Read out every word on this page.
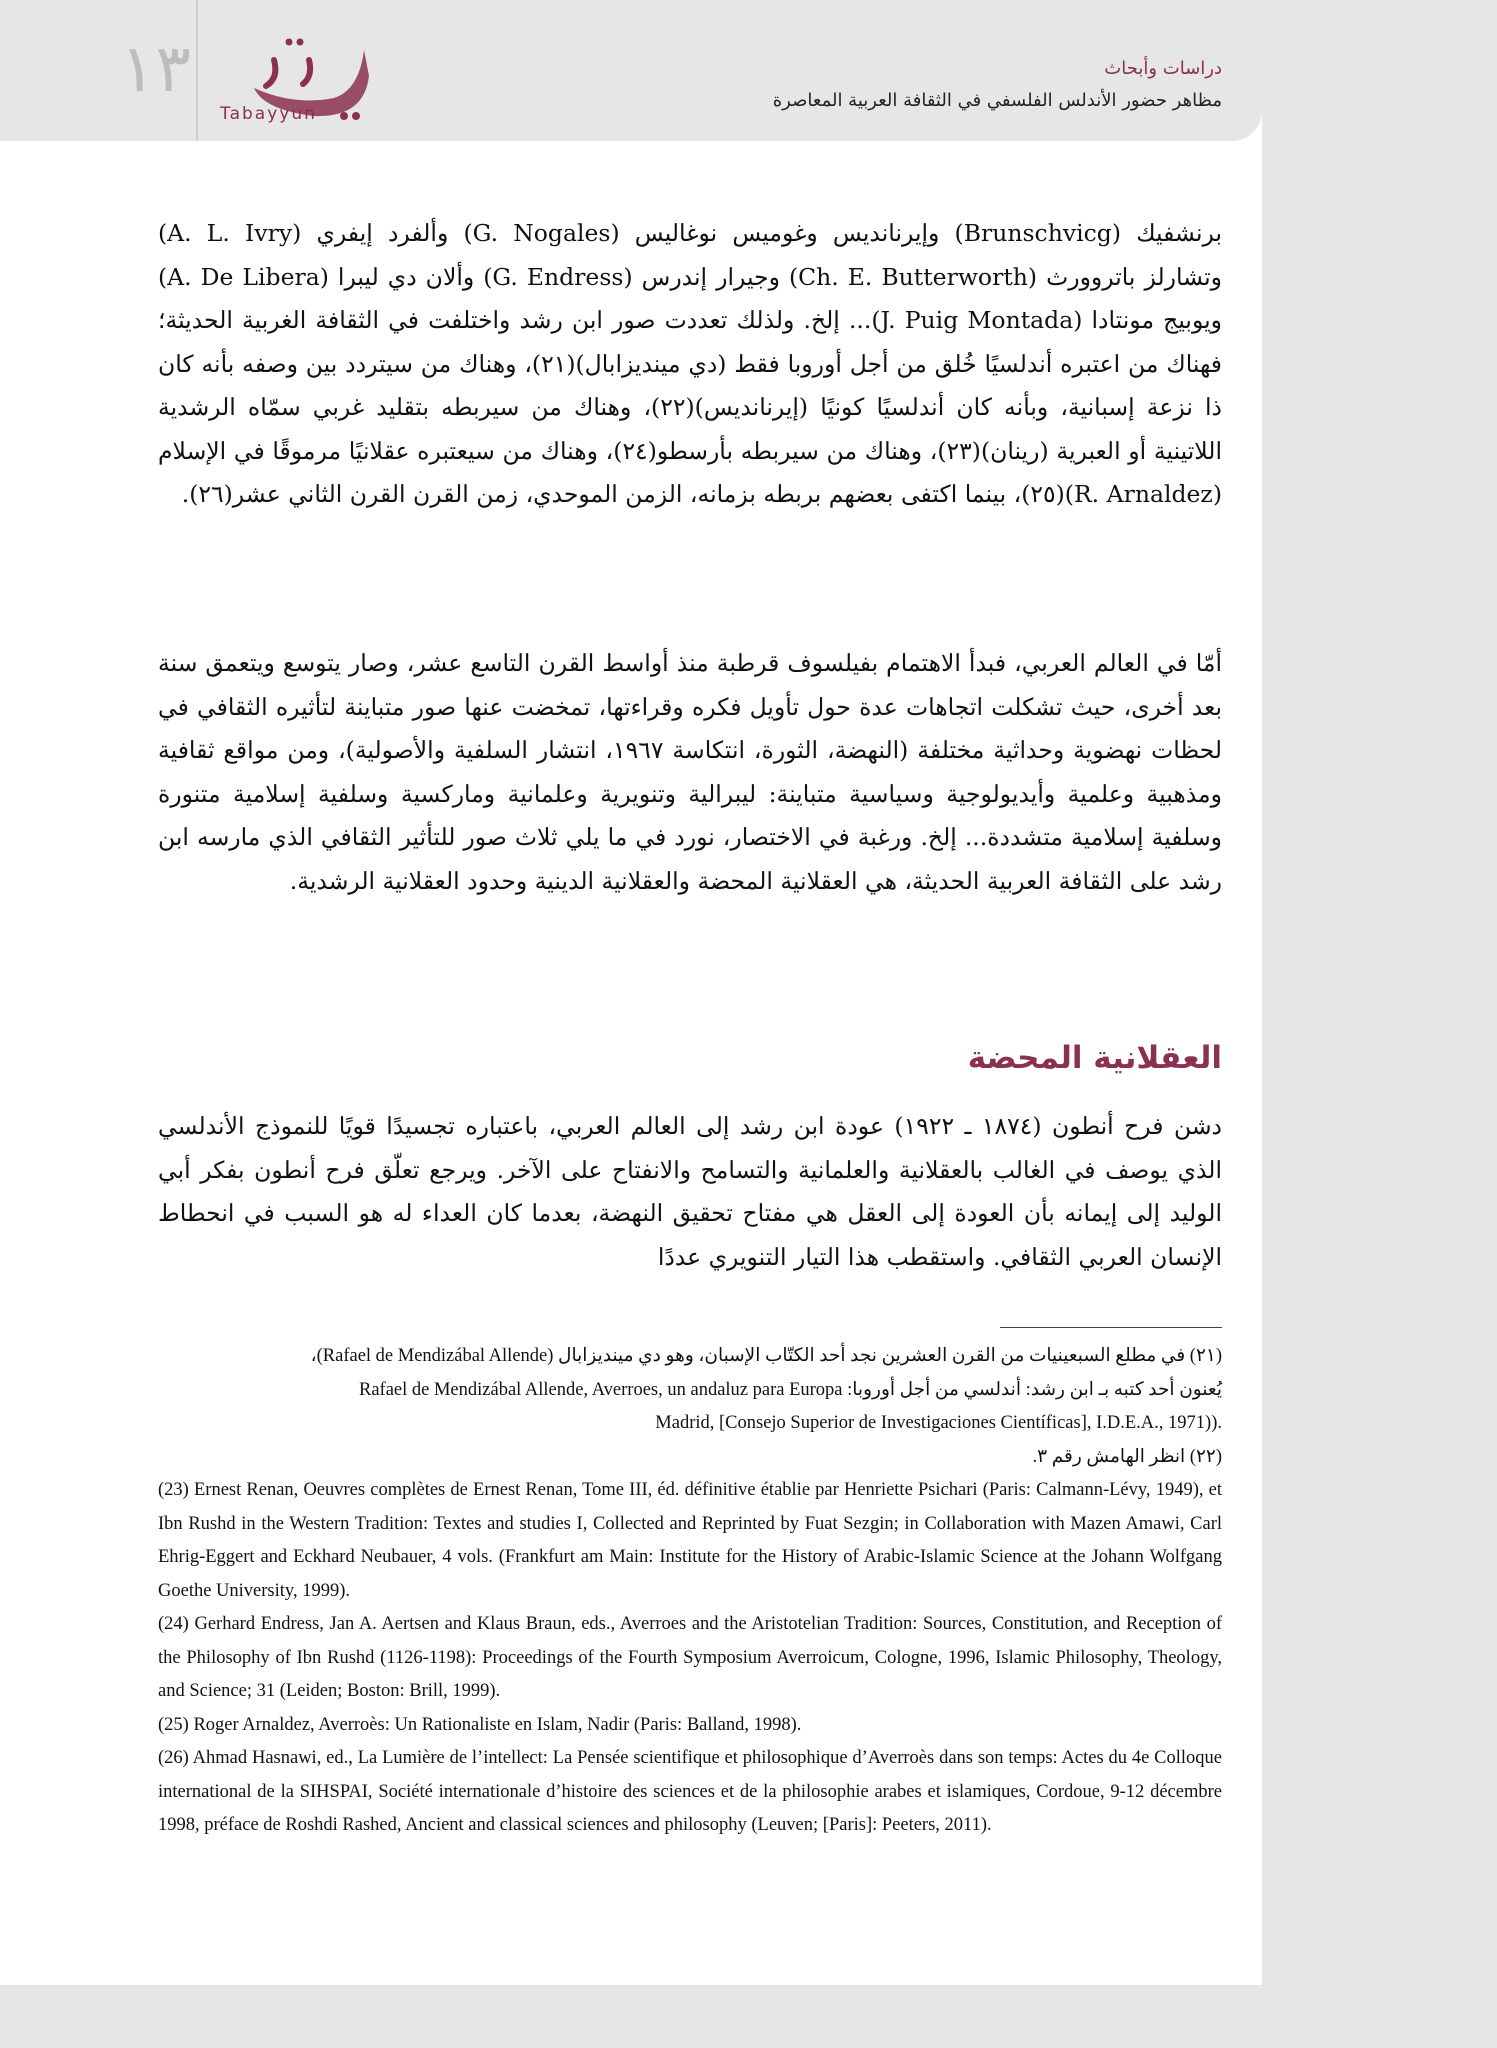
١٣
Tabayyun
دراسات وأبحاث
مظاهر حضور الأندلس الفلسفي في الثقافة العربية المعاصرة

برنشفيك (Brunschvicg) وإيرنانديس وغوميس نوغاليس (G. Nogales) وألفرد إيفري (A. L. Ivry) وتشارلز باتروورث (Ch. E. Butterworth) وجيرار إندرس (G. Endress) وألان دي ليبرا (A. De Libera) ويوبيج مونتادا (J. Puig Montada)... إلخ. ولذلك تعددت صور ابن رشد واختلفت في الثقافة الغربية الحديثة؛ فهناك من اعتبره أندلسيًا خُلق من أجل أوروبا فقط (دي ميندیزابال)(٢١)، وهناك من سيتردد بين وصفه بأنه كان ذا نزعة إسبانية، وبأنه كان أندلسيًا كونيًا (إيرنانديس)(٢٢)، وهناك من سيربطه بتقليد غربي سمّاه الرشدية اللاتينية أو العبرية (رينان)(٢٣)، وهناك من سيربطه بأرسطو(٢٤)، وهناك من سيعتبره عقلانيًا مرموقًا في الإسلام (R. Arnaldez)(٢٥)، بينما اكتفى بعضهم بربطه بزمانه، الزمن الموحدي، زمن القرن القرن الثاني عشر(٢٦).

أمّا في العالم العربي، فبدأ الاهتمام بفيلسوف قرطبة منذ أواسط القرن التاسع عشر، وصار يتوسع ويتعمق سنة بعد أخرى، حيث تشكلت اتجاهات عدة حول تأويل فكره وقراءتها، تمخضت عنها صور متباينة لتأثيره الثقافي في لحظات نهضوية وحداثية مختلفة (النهضة، الثورة، انتكاسة ١٩٦٧، انتشار السلفية والأصولية)، ومن مواقع ثقافية ومذهبية وعلمية وأيديولوجية وسياسية متباينة: ليبرالية وتنويرية وعلمانية وماركسية وسلفية إسلامية متنورة وسلفية إسلامية متشددة... إلخ. ورغبة في الاختصار، نورد في ما يلي ثلاث صور للتأثير الثقافي الذي مارسه ابن رشد على الثقافة العربية الحديثة، هي العقلانية المحضة والعقلانية الدينية وحدود العقلانية الرشدية.

العقلانية المحضة

دشن فرح أنطون (١٨٧٤ ـ ١٩٢٢) عودة ابن رشد إلى العالم العربي، باعتباره تجسيدًا قويًا للنموذج الأندلسي الذي يوصف في الغالب بالعقلانية والعلمانية والتسامح والانفتاح على الآخر. ويرجع تعلّق فرح أنطون بفكر أبي الوليد إلى إيمانه بأن العودة إلى العقل هي مفتاح تحقيق النهضة، بعدما كان العداء له هو السبب في انحطاط الإنسان العربي الثقافي. واستقطب هذا التيار التنويري عددًا

(٢١) في مطلع السبعينيات من القرن العشرين نجد أحد الكتّاب الإسبان، وهو دي ميندیزابال (Rafael de Mendizábal Allende)،
يُعنون أحد كتبه بـ ابن رشد: أندلسي من أجل أوروبا: Rafael de Mendizábal Allende, Averroes, un andaluz para Europa
Madrid, [Consejo Superior de Investigaciones Científicas], I.D.E.A., 1971)).
(٢٢) انظر الهامش رقم ٣.
(23) Ernest Renan, Oeuvres complètes de Ernest Renan, Tome III, éd. définitive établie par Henriette Psichari (Paris: Calmann-Lévy, 1949), et Ibn Rushd in the Western Tradition: Textes and studies I, Collected and Reprinted by Fuat Sezgin; in Collaboration with Mazen Amawi, Carl Ehrig-Eggert and Eckhard Neubauer, 4 vols. (Frankfurt am Main: Institute for the History of Arabic-Islamic Science at the Johann Wolfgang Goethe University, 1999).
(24) Gerhard Endress, Jan A. Aertsen and Klaus Braun, eds., Averroes and the Aristotelian Tradition: Sources, Constitution, and Reception of the Philosophy of Ibn Rushd (1126-1198): Proceedings of the Fourth Symposium Averroicum, Cologne, 1996, Islamic Philosophy, Theology, and Science; 31 (Leiden; Boston: Brill, 1999).
(25) Roger Arnaldez, Averroès: Un Rationaliste en Islam, Nadir (Paris: Balland, 1998).
(26) Ahmad Hasnawi, ed., La Lumière de l’intellect: La Pensée scientifique et philosophique d’Averroès dans son temps: Actes du 4e Colloque international de la SIHSPAI, Société internationale d’histoire des sciences et de la philosophie arabes et islamiques, Cordoue, 9-12 décembre 1998, préface de Roshdi Rashed, Ancient and classical sciences and philosophy (Leuven; [Paris]: Peeters, 2011).
